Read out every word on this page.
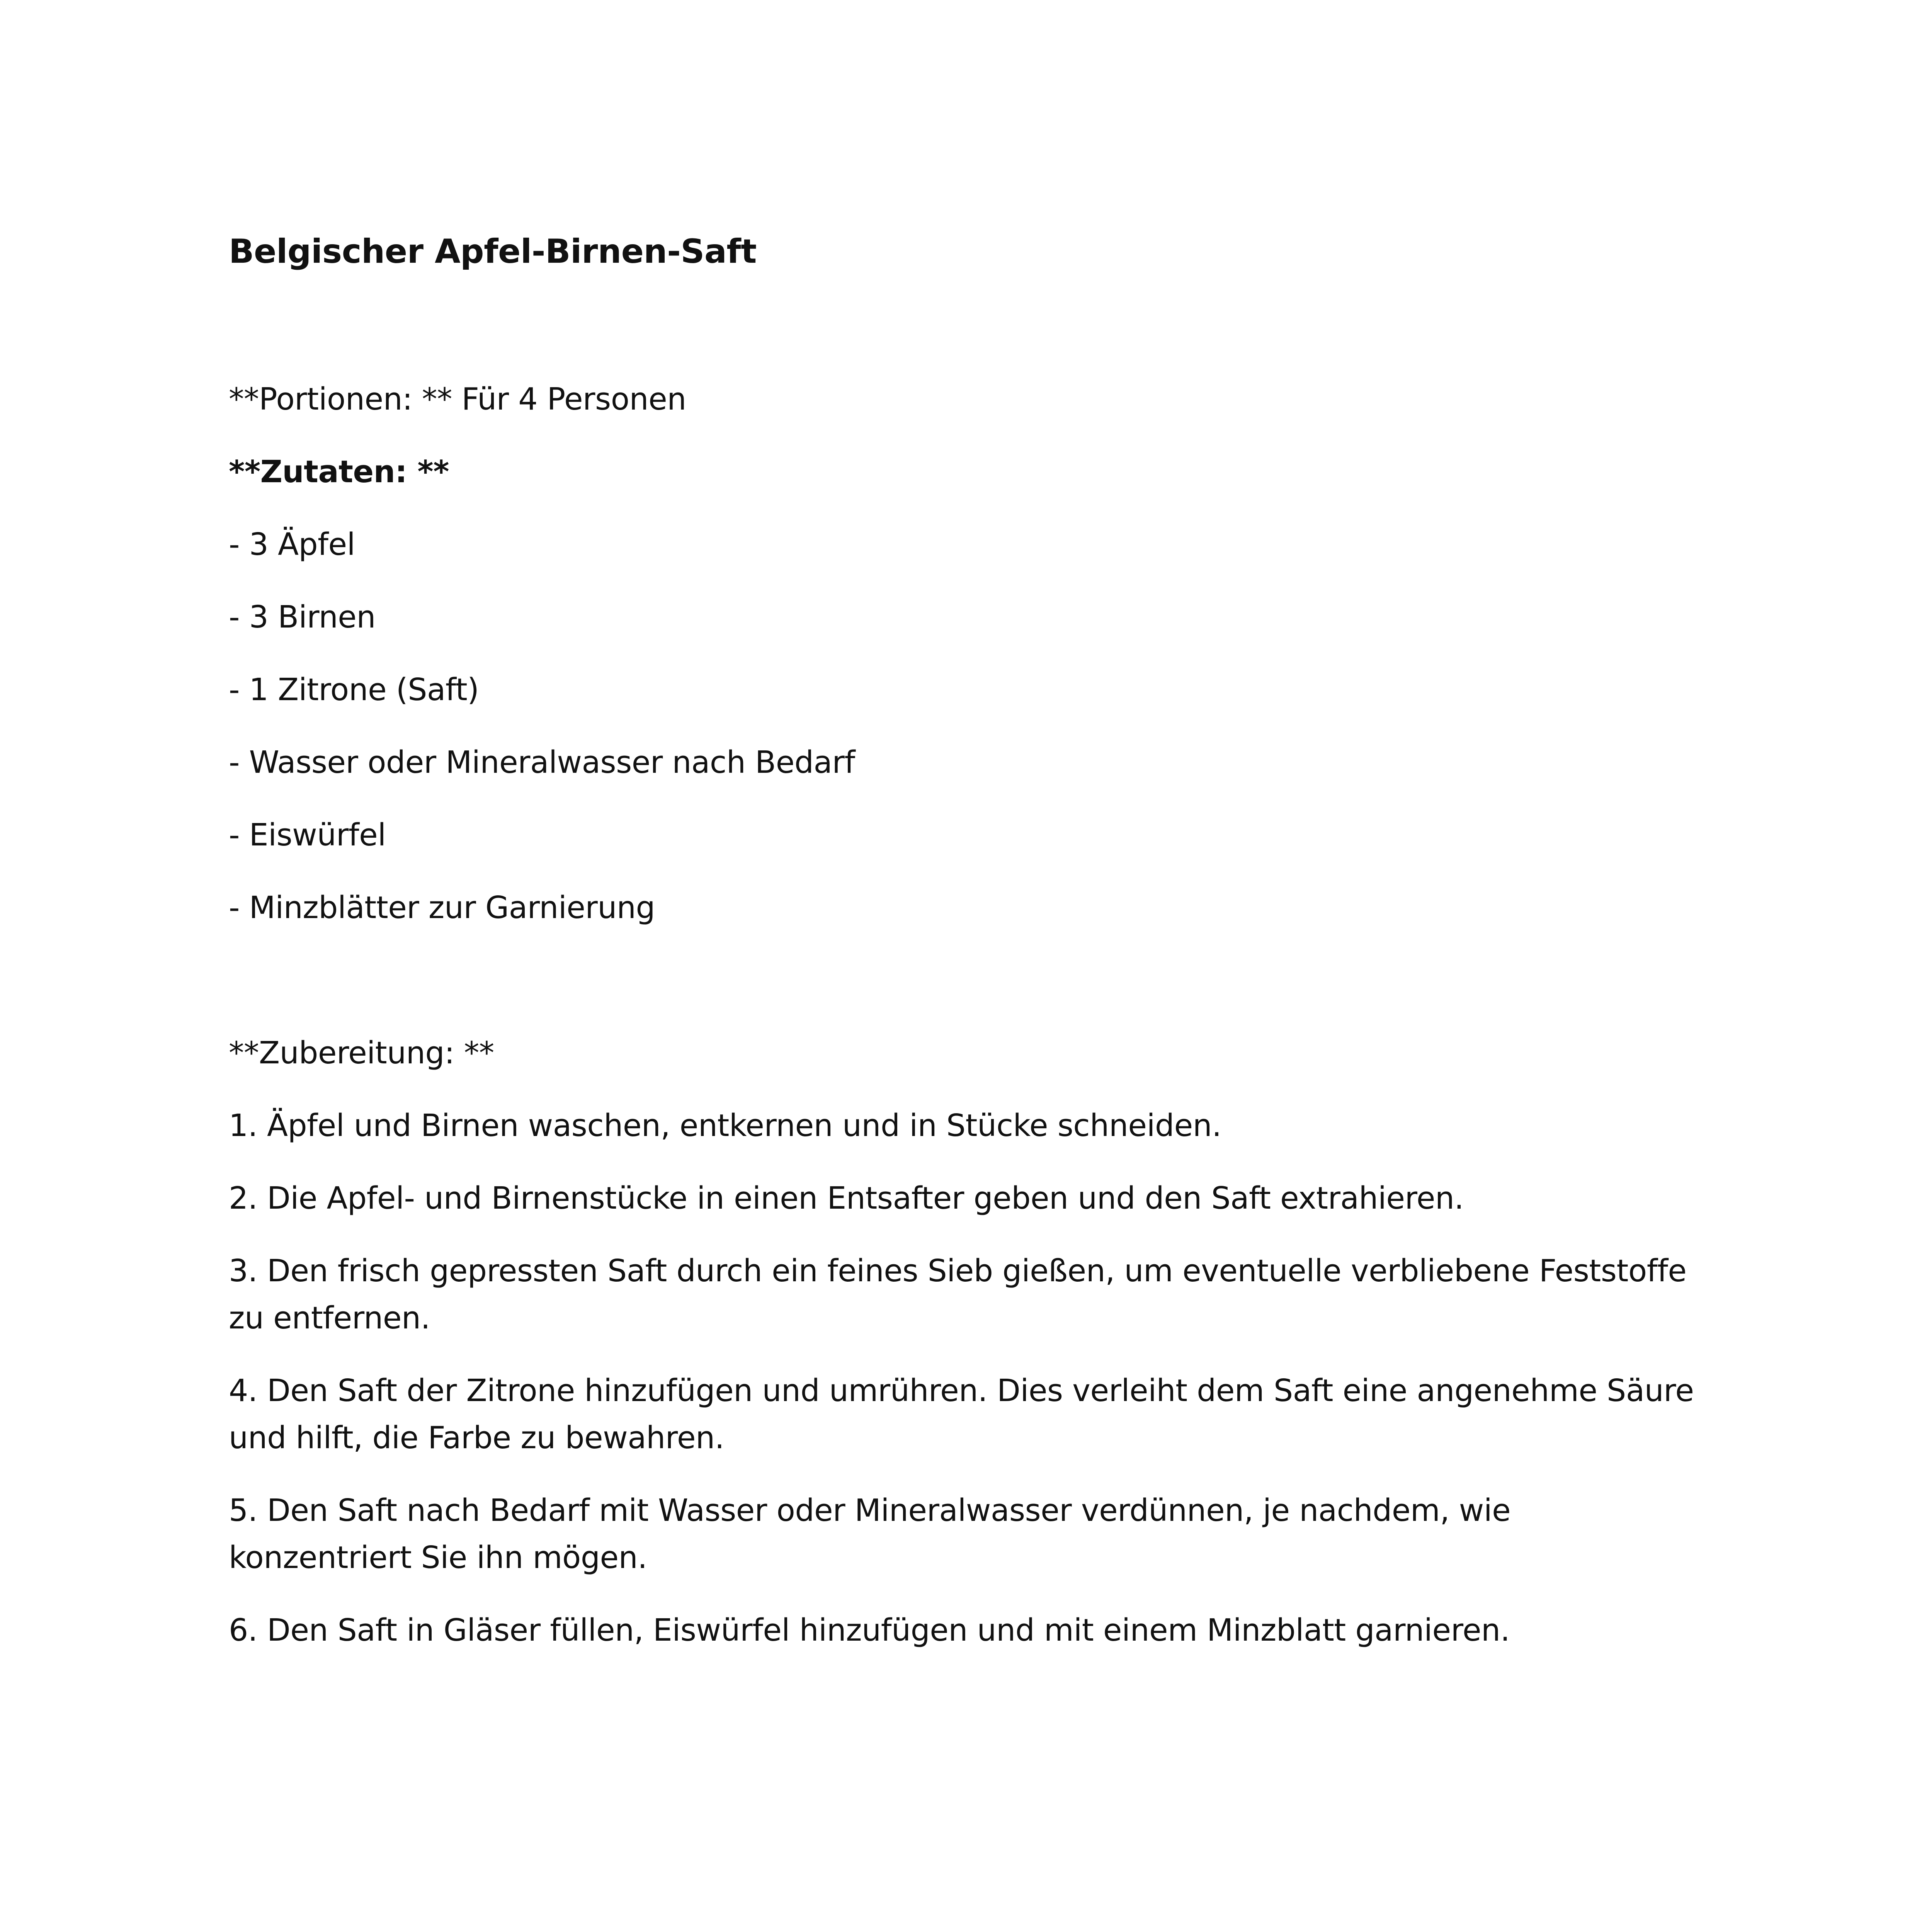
Belgischer Apfel-Birnen-Saft

**Portionen: ** Für 4 Personen

**Zutaten: **

- 3 Äpfel

- 3 Birnen

- 1 Zitrone (Saft)

- Wasser oder Mineralwasser nach Bedarf

- Eiswürfel

- Minzblätter zur Garnierung

**Zubereitung: **

1. Äpfel und Birnen waschen, entkernen und in Stücke schneiden.

2. Die Apfel- und Birnenstücke in einen Entsafter geben und den Saft extrahieren.

3. Den frisch gepressten Saft durch ein feines Sieb gießen, um eventuelle verbliebene Feststoffe

zu entfernen.

4. Den Saft der Zitrone hinzufügen und umrühren. Dies verleiht dem Saft eine angenehme Säure

und hilft, die Farbe zu bewahren.

5. Den Saft nach Bedarf mit Wasser oder Mineralwasser verdünnen, je nachdem, wie

konzentriert Sie ihn mögen.

6. Den Saft in Gläser füllen, Eiswürfel hinzufügen und mit einem Minzblatt garnieren.
